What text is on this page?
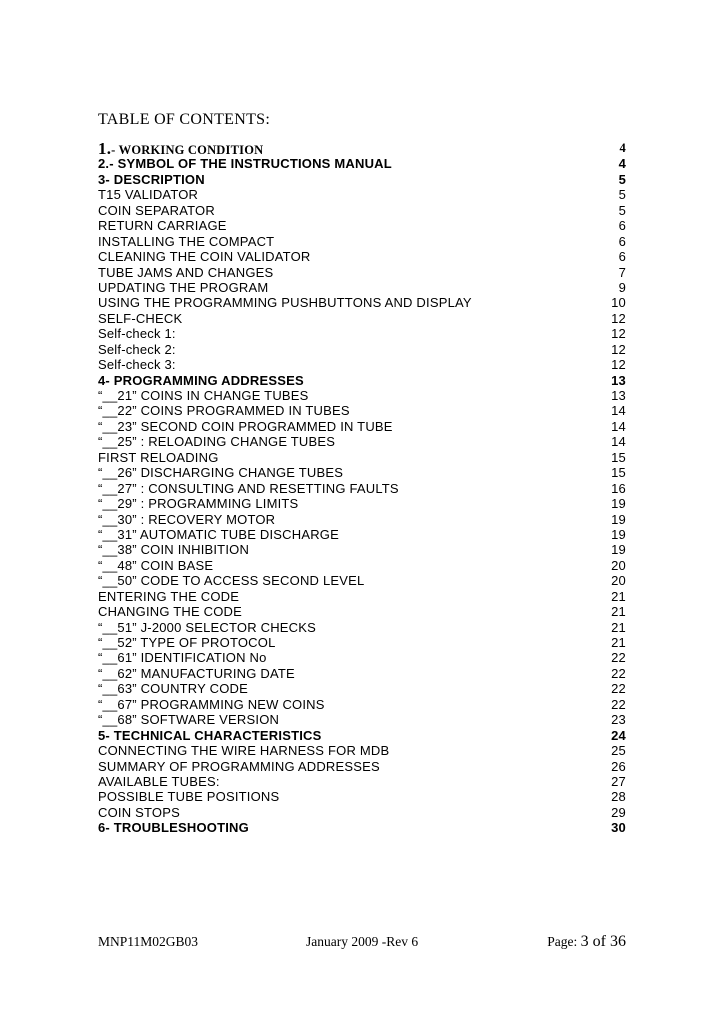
TABLE OF CONTENTS:
1.- WORKING CONDITION	4
2.- SYMBOL OF THE INSTRUCTIONS MANUAL	4
3- DESCRIPTION	5
T15 VALIDATOR	5
COIN SEPARATOR	5
RETURN CARRIAGE	6
INSTALLING THE COMPACT	6
CLEANING THE COIN VALIDATOR	6
TUBE JAMS AND CHANGES	7
UPDATING THE PROGRAM	9
USING THE PROGRAMMING PUSHBUTTONS AND DISPLAY	10
SELF-CHECK	12
Self-check 1:	12
Self-check 2:	12
Self-check 3:	12
4- PROGRAMMING ADDRESSES	13
“__21” COINS IN CHANGE TUBES	13
“__22” COINS PROGRAMMED IN TUBES	14
“__23” SECOND COIN PROGRAMMED IN TUBE	14
“__25” : RELOADING CHANGE TUBES	14
FIRST RELOADING	15
“__26” DISCHARGING CHANGE TUBES	15
“__27” : CONSULTING AND RESETTING FAULTS	16
“__29” : PROGRAMMING LIMITS	19
“__30” : RECOVERY MOTOR	19
“__31” AUTOMATIC TUBE DISCHARGE	19
“__38” COIN INHIBITION	19
“__48” COIN BASE	20
“__50” CODE TO ACCESS SECOND LEVEL	20
ENTERING THE CODE	21
CHANGING THE CODE	21
“__51” J-2000 SELECTOR CHECKS	21
“__52” TYPE OF PROTOCOL	21
“__61” IDENTIFICATION No	22
“__62” MANUFACTURING DATE	22
“__63” COUNTRY CODE	22
“__67” PROGRAMMING NEW COINS	22
“__68” SOFTWARE VERSION	23
5- TECHNICAL CHARACTERISTICS	24
CONNECTING THE WIRE HARNESS FOR MDB	25
SUMMARY OF PROGRAMMING ADDRESSES	26
AVAILABLE TUBES:	27
POSSIBLE TUBE POSITIONS	28
COIN STOPS	29
6- TROUBLESHOOTING	30
MNP11M02GB03	January 2009 -Rev 6	Page: 3 of 36
